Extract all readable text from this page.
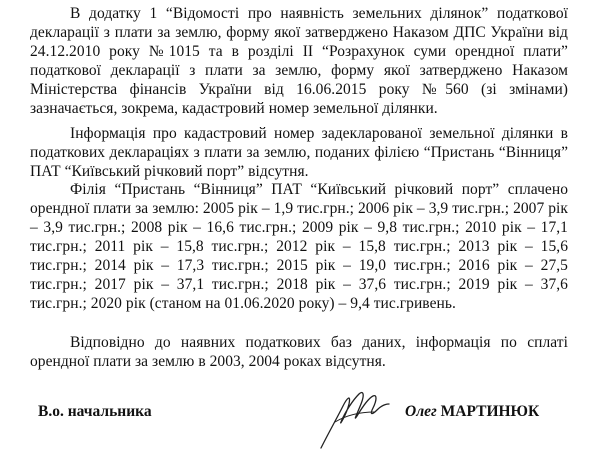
В додатку 1 “Відомості про наявність земельних ділянок” податкової декларації з плати за землю, форму якої затверджено Наказом ДПС України від 24.12.2010 року №1015 та в розділі ІІ “Розрахунок суми орендної плати” податкової декларації з плати за землю, форму якої затверджено Наказом Міністерства фінансів України від 16.06.2015 року №560 (зі змінами) зазначається, зокрема, кадастровий номер земельної ділянки.

Інформація про кадастровий номер задекларованої земельної ділянки в податкових деклараціях з плати за землю, поданих філією “Пристань “Вінниця” ПАТ “Київський річковий порт” відсутня.

Філія “Пристань “Вінниця” ПАТ “Київський річковий порт” сплачено орендної плати за землю: 2005 рік – 1,9 тис.грн.; 2006 рік – 3,9 тис.грн.; 2007 рік – 3,9 тис.грн.; 2008 рік – 16,6 тис.грн.; 2009 рік – 9,8 тис.грн.; 2010 рік – 17,1 тис.грн.; 2011 рік – 15,8 тис.грн.; 2012 рік – 15,8 тис.грн.; 2013 рік – 15,6 тис.грн.; 2014 рік – 17,3 тис.грн.; 2015 рік – 19,0 тис.грн.; 2016 рік – 27,5 тис.грн.; 2017 рік – 37,1 тис.грн.; 2018 рік – 37,6 тис.грн.; 2019 рік – 37,6 тис.грн.; 2020 рік (станом на 01.06.2020 року) – 9,4 тис.гривень.

Відповідно до наявних податкових баз даних, інформація по сплаті орендної плати за землю в 2003, 2004 роках відсутня.

В.о. начальника	Олег МАРТИНЮК
